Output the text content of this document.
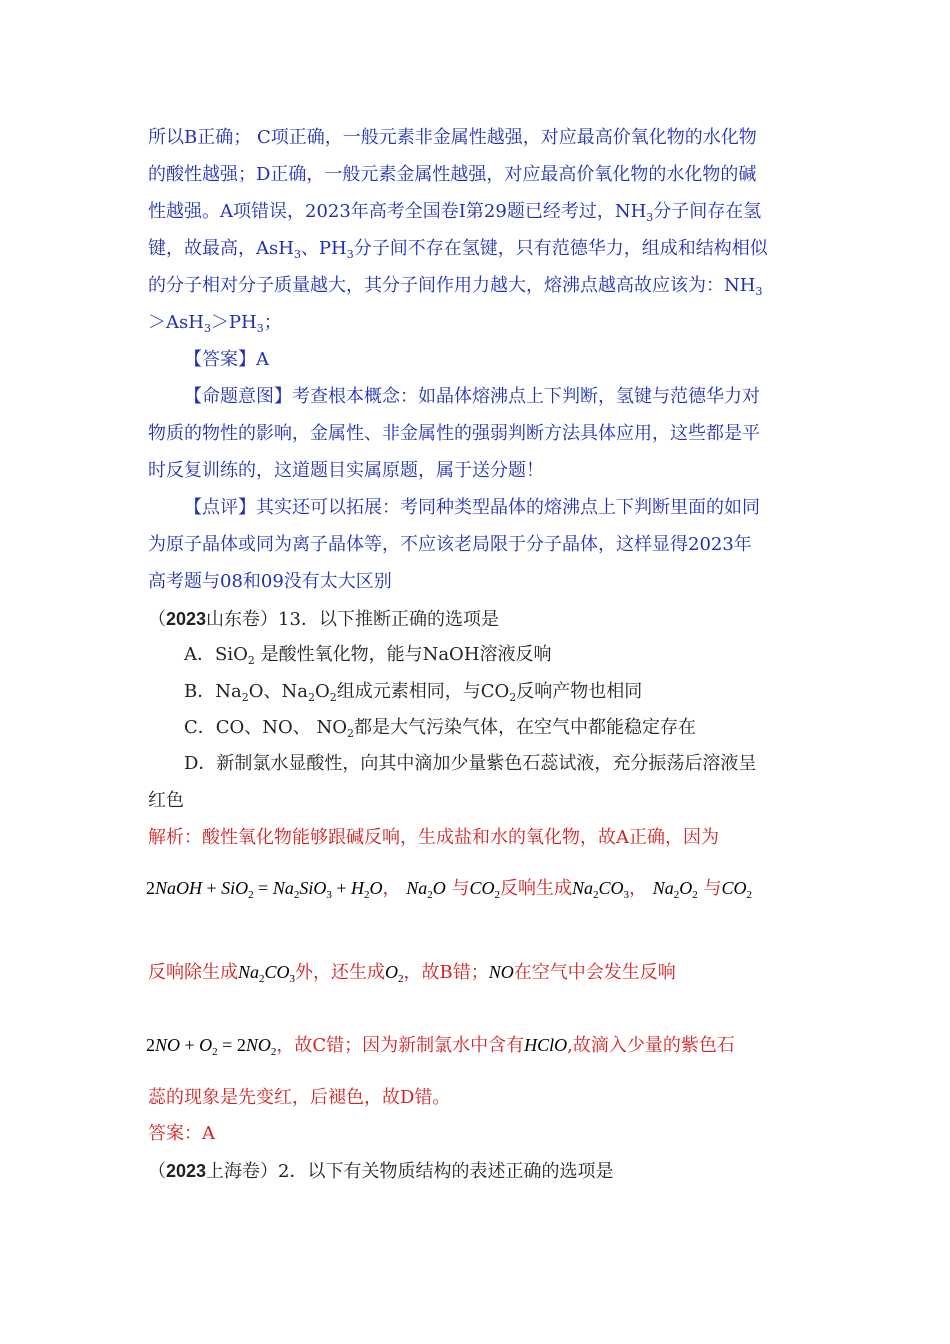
所以B正确； C项正确，一般元素非金属性越强，对应最高价氧化物的水化物
的酸性越强；D正确，一般元素金属性越强，对应最高价氧化物的水化物的碱
性越强。A项错误，2023年高考全国卷I第29题已经考过，$NH_3$分子间存在氢
键，故最高，AsH$_3$、$PH_3$分子间不存在氢键，只有范德华力，组成和结构相似
的分子相对分子质量越大，其分子间作用力越大，熔沸点越高故应该为：$NH_3$
$>AsH_3>PH_3$；
【答案】A
【命题意图】考查根本概念：如晶体熔沸点上下判断，氢键与范德华力对
物质的物性的影响，金属性、非金属性的强弱判断方法具体应用，这些都是平
时反复训练的，这道题目实属原题，属于送分题！
【点评】其实还可以拓展：考同种类型晶体的熔沸点上下判断里面的如同
为原子晶体或同为离子晶体等，不应该老局限于分子晶体，这样显得2023年
高考题与08和09没有太大区别
（2023山东卷）13．以下推断正确的选项是
A．SiO$_2$ 是酸性氧化物，能与NaOH溶液反响
B．$Na_2O$、$Na_2O_2$组成元素相同，与$CO_2$反响产物也相同
C．CO、NO、 $NO_2$都是大气污染气体，在空气中都能稳定存在
D．新制氯水显酸性，向其中滴加少量紫色石蕊试液，充分振荡后溶液呈
红色
解析：酸性氧化物能够跟碱反响，生成盐和水的氧化物，故A正确，因为
2NaOH + $SiO_2 = Na_2SiO_3 + H_2O$， $Na_2O$ 与$CO_2$反响生成$Na_2CO_3$， $Na_2O_2$ 与$CO_2$
反响除生成$Na_2CO_3$外，还生成$O_2$，故B错；NO在空气中会发生反响
$2NO + O_2 = 2NO_2$，故C错；因为新制氯水中含有HClO,故滴入少量的紫色石
蕊的现象是先变红，后褪色，故D错。
答案：A
（2023上海卷）2．以下有关物质结构的表述正确的选项是
